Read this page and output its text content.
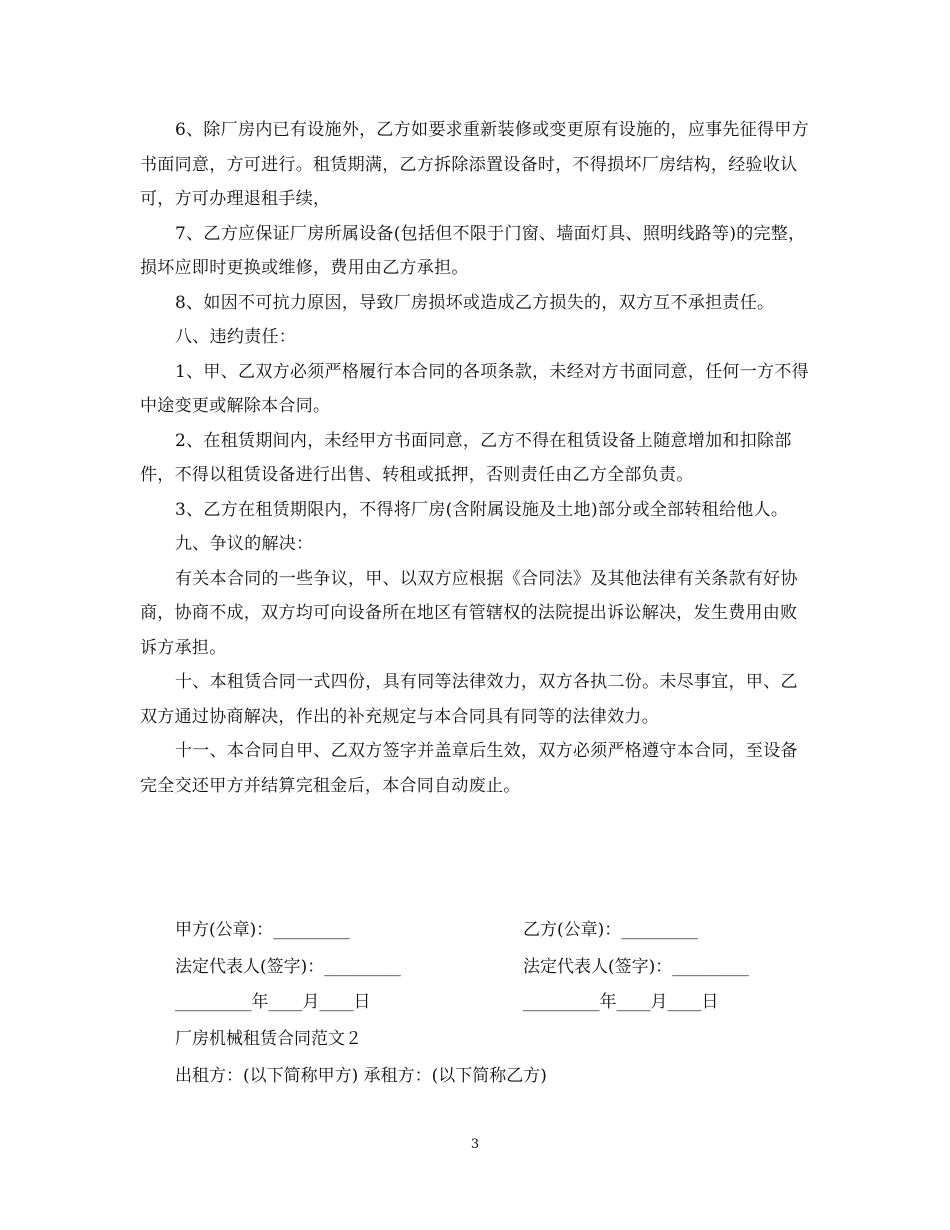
6、除厂房内已有设施外，乙方如要求重新装修或变更原有设施的，应事先征得甲方书面同意，方可进行。租赁期满，乙方拆除添置设备时，不得损坏厂房结构，经验收认可，方可办理退租手续，

7、乙方应保证厂房所属设备(包括但不限于门窗、墙面灯具、照明线路等)的完整，损坏应即时更换或维修，费用由乙方承担。

8、如因不可抗力原因，导致厂房损坏或造成乙方损失的，双方互不承担责任。

八、违约责任：

1、甲、乙双方必须严格履行本合同的各项条款，未经对方书面同意，任何一方不得中途变更或解除本合同。

2、在租赁期间内，未经甲方书面同意，乙方不得在租赁设备上随意增加和扣除部件，不得以租赁设备进行出售、转租或抵押，否则责任由乙方全部负责。

3、乙方在租赁期限内，不得将厂房(含附属设施及土地)部分或全部转租给他人。

九、争议的解决：

有关本合同的一些争议，甲、以双方应根据《合同法》及其他法律有关条款有好协商，协商不成，双方均可向设备所在地区有管辖权的法院提出诉讼解决，发生费用由败诉方承担。

十、本租赁合同一式四份，具有同等法律效力，双方各执二份。未尽事宜，甲、乙双方通过协商解决，作出的补充规定与本合同具有同等的法律效力。

十一、本合同自甲、乙双方签字并盖章后生效，双方必须严格遵守本合同，至设备完全交还甲方并结算完租金后，本合同自动废止。

甲方(公章)：_________	乙方(公章)：_________
法定代表人(签字)：_________	法定代表人(签字)：_________
_________年____月____日	_________年____月____日
厂房机械租赁合同范文２
出租方：(以下简称甲方) 承租方：(以下简称乙方)
3
